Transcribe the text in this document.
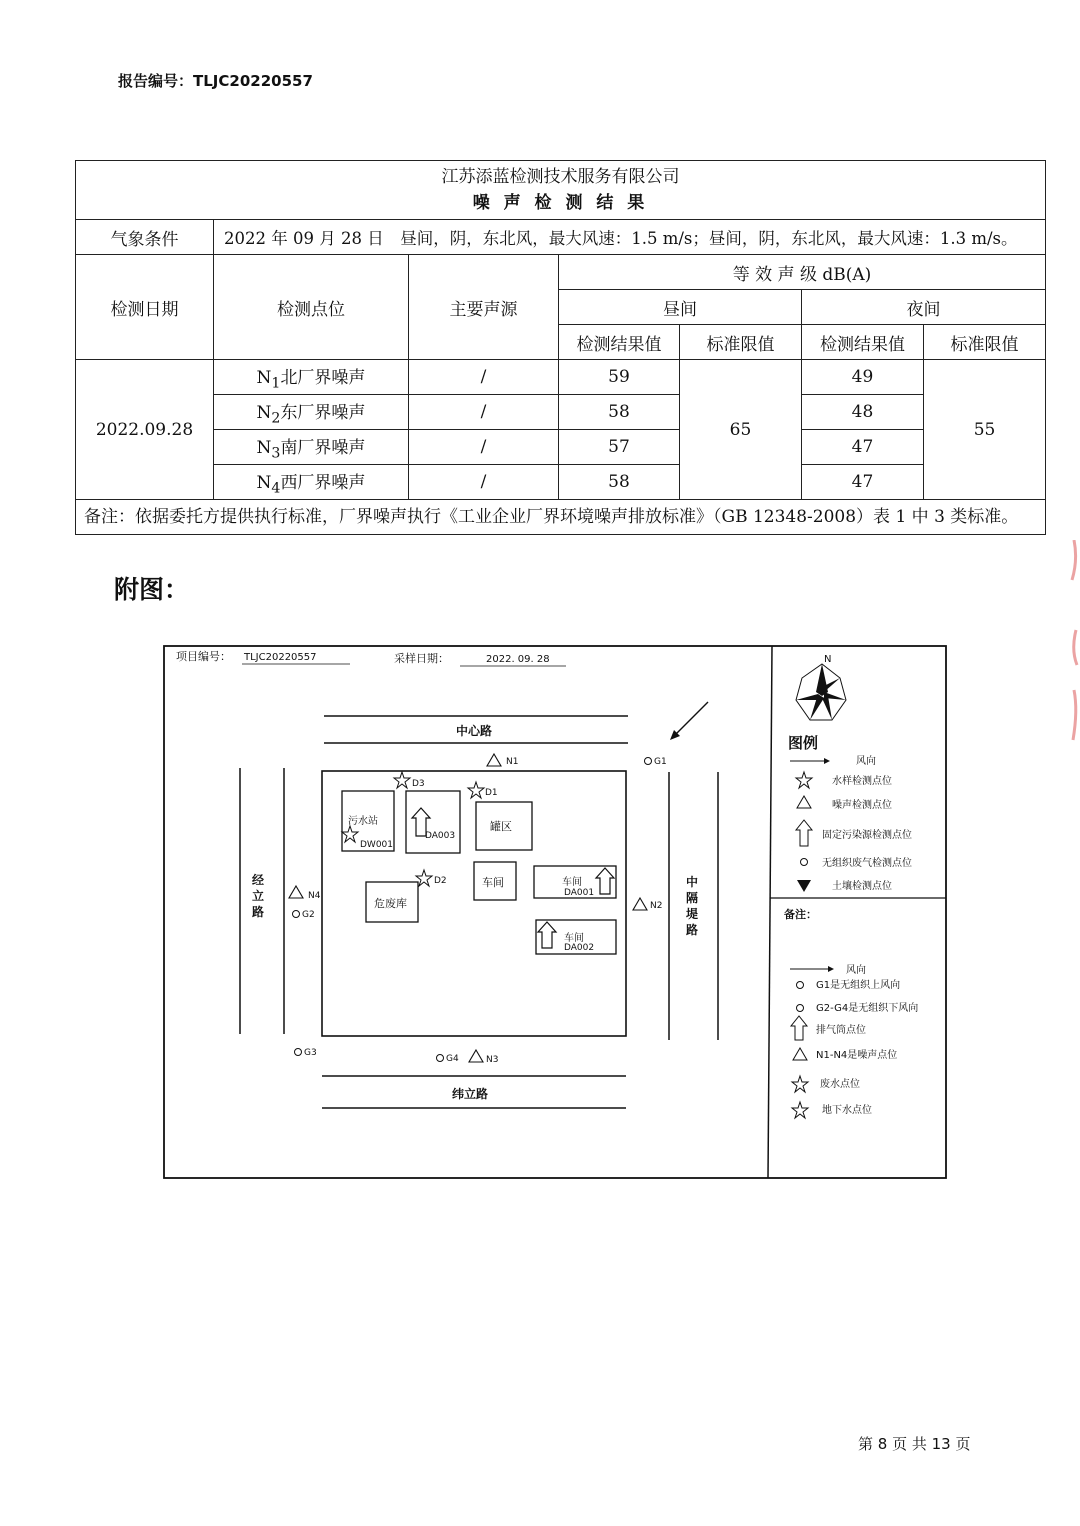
报告编号：TLJC20220557
江苏添蓝检测技术服务有限公司
噪 声 检 测 结 果						

气象条件	2022 年 09 月 28 日　昼间，阴，东北风，最大风速：1.5 m/s；昼间，阴，东北风，最大风速：1.3 m/s。					
检测日期	检测点位	主要声源	等 效 声 级 dB(A)			
			昼间		夜间	
			检测结果值	标准限值	检测结果值	标准限值
2022.09.28	$N_1$北厂界噪声	/	59	65	49	55
	$N_2$东厂界噪声	/	58		48	
	$N_3$南厂界噪声	/	57		47	
	$N_4$西厂界噪声	/	58		47	
备注：依据委托方提供执行标准，厂界噪声执行《工业企业厂界环境噪声排放标准》（GB 12348-2008）表 1 中 3 类标准。						
附图：
项目编号： TLJC20220557	采样日期：	2022. 09. 28
中心路
纬立路
经
立
路
中
隔
堤
路
污水站
DW001
DA003
罐区
车间	车间
DA001
危废库
车间
DA002
D3
D1
D2
N1
N2
N3
N4
G1
G2
G3
G4
N
图例
风向
水样检测点位
噪声检测点位
固定污染源检测点位
无组织废气检测点位
土壤检测点位
备注：
风向
G1是无组织上风向
G2-G4是无组织下风向
排气筒点位
N1-N4是噪声点位
废水点位
地下水点位
第 8 页 共 13 页
